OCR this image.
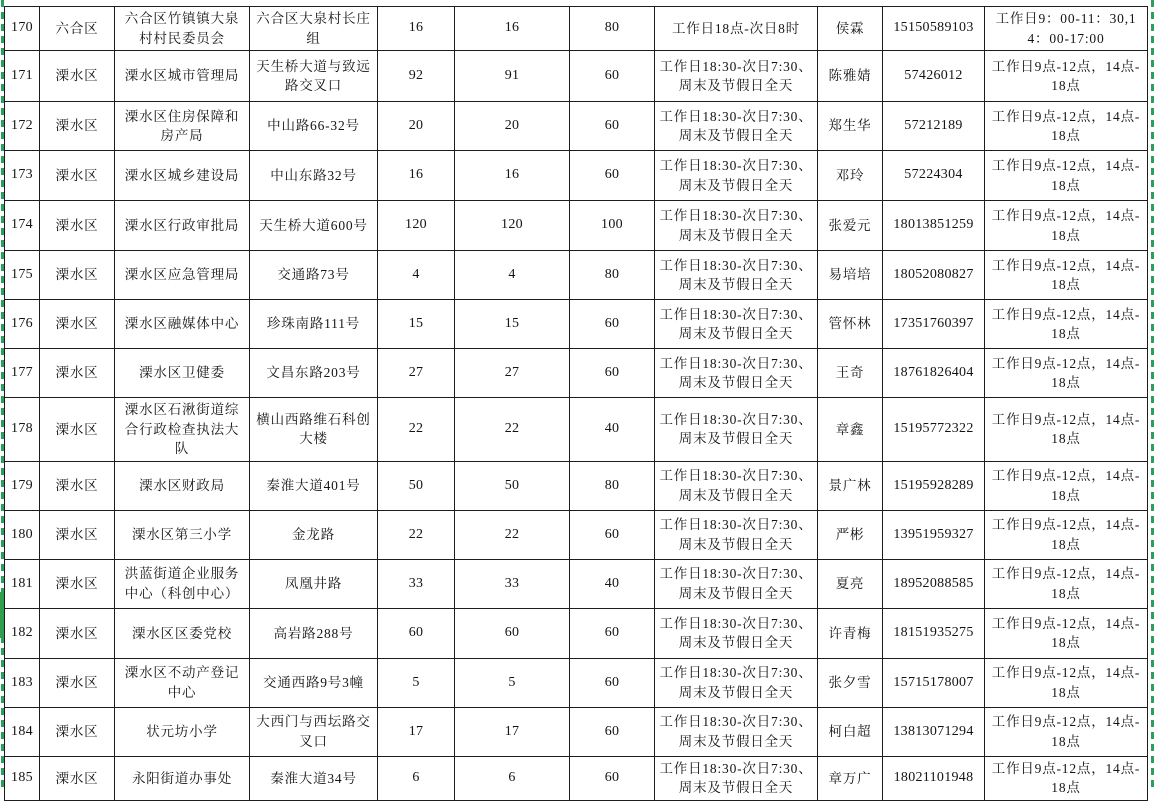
170	六合区	六合区竹镇镇大泉村村民委员会	六合区大泉村长庄组	16	16	80	工作日18点-次日8时	侯霖	15150589103	工作日9：00-11：30,14：00-17:00
171	溧水区	溧水区城市管理局	天生桥大道与致远路交叉口	92	91	60	工作日18:30-次日7:30、周末及节假日全天	陈雅婧	57426012	工作日9点-12点，14点-18点
172	溧水区	溧水区住房保障和房产局	中山路66-32号	20	20	60	工作日18:30-次日7:30、周末及节假日全天	郑生华	57212189	工作日9点-12点，14点-18点
173	溧水区	溧水区城乡建设局	中山东路32号	16	16	60	工作日18:30-次日7:30、周末及节假日全天	邓玲	57224304	工作日9点-12点，14点-18点
174	溧水区	溧水区行政审批局	天生桥大道600号	120	120	100	工作日18:30-次日7:30、周末及节假日全天	张爱元	18013851259	工作日9点-12点，14点-18点
175	溧水区	溧水区应急管理局	交通路73号	4	4	80	工作日18:30-次日7:30、周末及节假日全天	易培培	18052080827	工作日9点-12点，14点-18点
176	溧水区	溧水区融媒体中心	珍珠南路111号	15	15	60	工作日18:30-次日7:30、周末及节假日全天	管怀林	17351760397	工作日9点-12点，14点-18点
177	溧水区	溧水区卫健委	文昌东路203号	27	27	60	工作日18:30-次日7:30、周末及节假日全天	王奇	18761826404	工作日9点-12点，14点-18点
178	溧水区	溧水区石湫街道综合行政检查执法大队	横山西路维石科创大楼	22	22	40	工作日18:30-次日7:30、周末及节假日全天	章鑫	15195772322	工作日9点-12点，14点-18点
179	溧水区	溧水区财政局	秦淮大道401号	50	50	80	工作日18:30-次日7:30、周末及节假日全天	景广林	15195928289	工作日9点-12点，14点-18点
180	溧水区	溧水区第三小学	金龙路	22	22	60	工作日18:30-次日7:30、周末及节假日全天	严彬	13951959327	工作日9点-12点，14点-18点
181	溧水区	洪蓝街道企业服务中心（科创中心）	凤凰井路	33	33	40	工作日18:30-次日7:30、周末及节假日全天	夏亮	18952088585	工作日9点-12点，14点-18点
182	溧水区	溧水区区委党校	高岩路288号	60	60	60	工作日18:30-次日7:30、周末及节假日全天	许青梅	18151935275	工作日9点-12点，14点-18点
183	溧水区	溧水区不动产登记中心	交通西路9号3幢	5	5	60	工作日18:30-次日7:30、周末及节假日全天	张夕雪	15715178007	工作日9点-12点，14点-18点
184	溧水区	状元坊小学	大西门与西坛路交叉口	17	17	60	工作日18:30-次日7:30、周末及节假日全天	柯白超	13813071294	工作日9点-12点，14点-18点
185	溧水区	永阳街道办事处	秦淮大道34号	6	6	60	工作日18:30-次日7:30、周末及节假日全天	章万广	18021101948	工作日9点-12点，14点-18点
